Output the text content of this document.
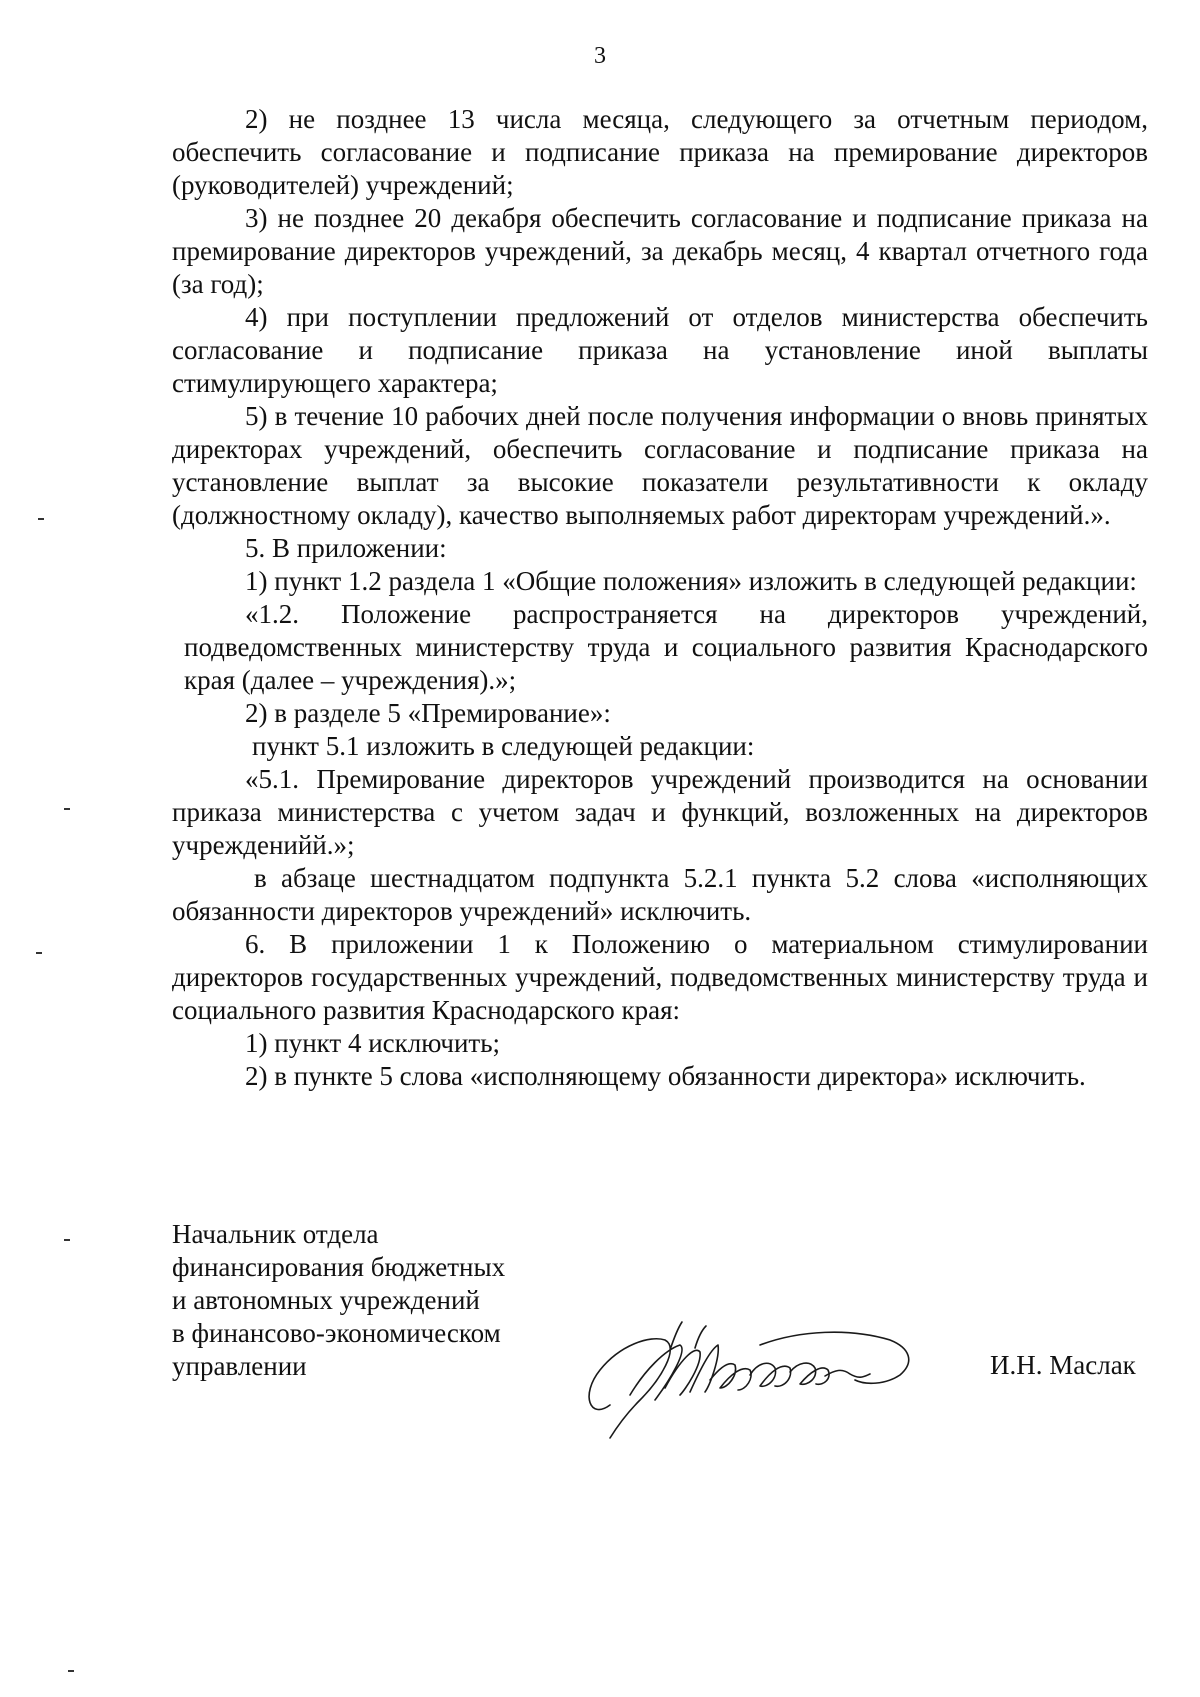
3

2) не позднее 13 числа месяца, следующего за отчетным периодом, обеспечить согласование и подписание приказа на премирование директоров (руководителей) учреждений;

3) не позднее 20 декабря обеспечить согласование и подписание приказа на премирование директоров учреждений, за декабрь месяц, 4 квартал отчетного года (за год);

4) при поступлении предложений от отделов министерства обеспечить согласование и подписание приказа на установление иной выплаты стимулирующего характера;

5) в течение 10 рабочих дней после получения информации о вновь принятых директорах учреждений, обеспечить согласование и подписание приказа на установление выплат за высокие показатели результативности к окладу (должностному окладу), качество выполняемых работ директорам учреждений.».

5. В приложении:

1) пункт 1.2 раздела 1 «Общие положения» изложить в следующей редакции:

«1.2. Положение распространяется на директоров учреждений, подведомственных министерству труда и социального развития Краснодарского края (далее – учреждения).»;

2) в разделе 5 «Премирование»:

пункт 5.1 изложить в следующей редакции:

«5.1. Премирование директоров учреждений производится на основании приказа министерства с учетом задач и функций, возложенных на директоров учрежденийй.»;

в абзаце шестнадцатом подпункта 5.2.1 пункта 5.2 слова «исполняющих обязанности директоров учреждений» исключить.

6. В приложении 1 к Положению о материальном стимулировании директоров государственных учреждений, подведомственных министерству труда и социального развития Краснодарского края:

1) пункт 4 исключить;

2) в пункте 5 слова «исполняющему обязанности директора» исключить.

Начальник отдела
финансирования бюджетных
и автономных учреждений
в финансово-экономическом
управлении	И.Н. Маслак
